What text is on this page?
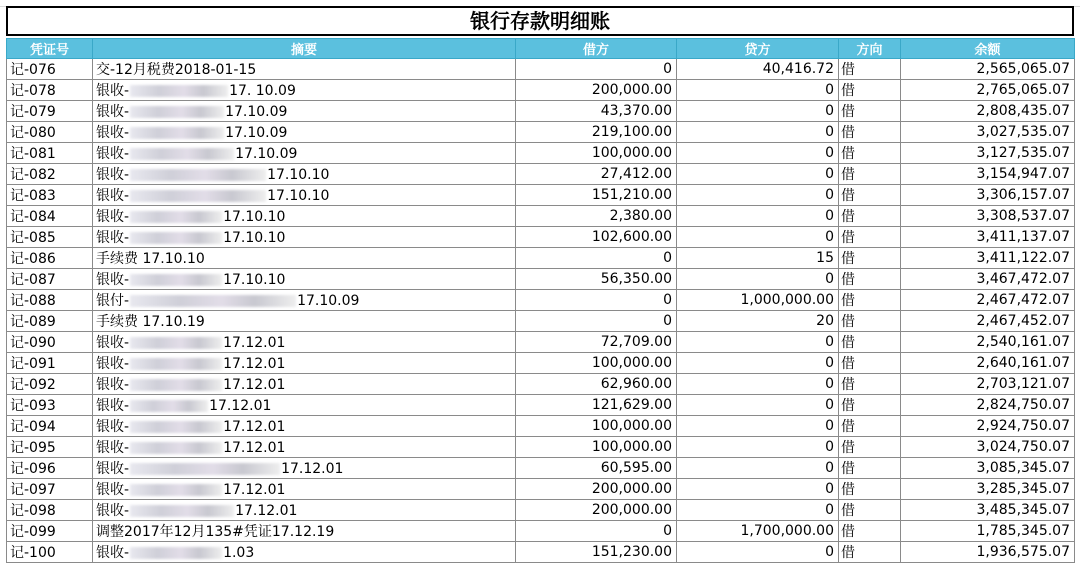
银行存款明细账
凭证号	摘要	借方	贷方	方向	余额
记-076	交-12月税费2018-01-15	0	40,416.72	借	2,565,065.07
记-078	银收- 17. 10.09	200,000.00	0	借	2,765,065.07
记-079	银收- 17.10.09	43,370.00	0	借	2,808,435.07
记-080	银收- 17.10.09	219,100.00	0	借	3,027,535.07
记-081	银收- 17.10.09	100,000.00	0	借	3,127,535.07
记-082	银收- 17.10.10	27,412.00	0	借	3,154,947.07
记-083	银收- 17.10.10	151,210.00	0	借	3,306,157.07
记-084	银收- 17.10.10	2,380.00	0	借	3,308,537.07
记-085	银收- 17.10.10	102,600.00	0	借	3,411,137.07
记-086	手续费 17.10.10	0	15	借	3,411,122.07
记-087	银收- 17.10.10	56,350.00	0	借	3,467,472.07
记-088	银付- 17.10.09	0	1,000,000.00	借	2,467,472.07
记-089	手续费 17.10.19	0	20	借	2,467,452.07
记-090	银收- 17.12.01	72,709.00	0	借	2,540,161.07
记-091	银收- 17.12.01	100,000.00	0	借	2,640,161.07
记-092	银收- 17.12.01	62,960.00	0	借	2,703,121.07
记-093	银收- 17.12.01	121,629.00	0	借	2,824,750.07
记-094	银收- 17.12.01	100,000.00	0	借	2,924,750.07
记-095	银收- 17.12.01	100,000.00	0	借	3,024,750.07
记-096	银收- 17.12.01	60,595.00	0	借	3,085,345.07
记-097	银收- 17.12.01	200,000.00	0	借	3,285,345.07
记-098	银收- 17.12.01	200,000.00	0	借	3,485,345.07
记-099	调整2017年12月135#凭证17.12.19	0	1,700,000.00	借	1,785,345.07
记-100	银收- 1.03	151,230.00	0	借	1,936,575.07
